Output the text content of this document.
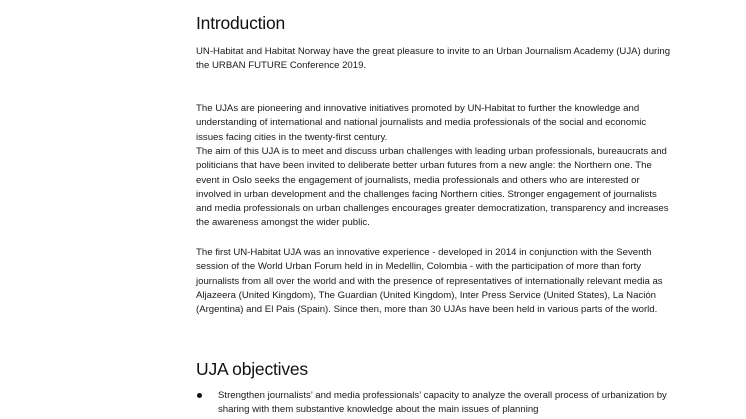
Introduction

UN-Habitat and Habitat Norway have the great pleasure to invite to an Urban Journalism Academy (UJA) during the URBAN FUTURE Conference 2019.

The UJAs are pioneering and innovative initiatives promoted by UN-Habitat to further the knowledge and understanding of international and national journalists and media professionals of the social and economic issues facing cities in the twenty-first century.

The aim of this UJA is to meet and discuss urban challenges with leading urban professionals, bureaucrats and politicians that have been invited to deliberate better urban futures from a new angle: the Northern one. The event in Oslo seeks the engagement of journalists, media professionals and others who are interested or involved in urban development and the challenges facing Northern cities. Stronger engagement of journalists and media professionals on urban challenges encourages greater democratization, transparency and increases the awareness amongst the wider public.

The first UN-Habitat UJA was an innovative experience - developed in 2014 in conjunction with the Seventh session of the World Urban Forum held in in Medellin, Colombia - with the participation of more than forty journalists from all over the world and with the presence of representatives of internationally relevant media as Aljazeera (United Kingdom), The Guardian (United Kingdom), Inter Press Service (United States), La Nación (Argentina) and El Pais (Spain). Since then, more than 30 UJAs have been held in various parts of the world.

UJA objectives
Strengthen journalists’ and media professionals’ capacity to analyze the overall process of urbanization by sharing with them substantive knowledge about the main issues of planning
